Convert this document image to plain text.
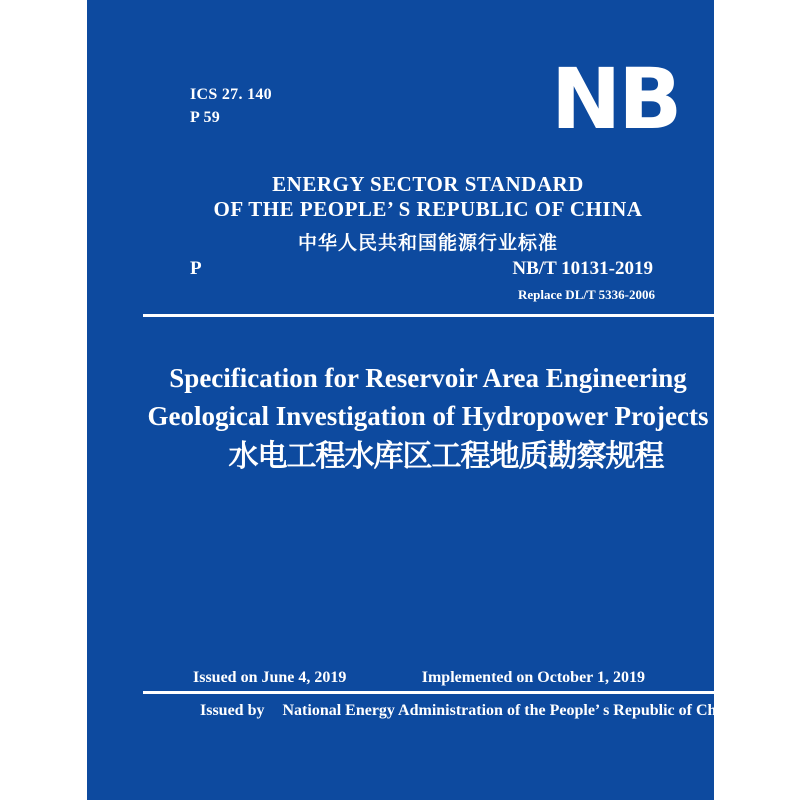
ICS 27. 140
P 59	NB
ENERGY SECTOR STANDARD
OF THE PEOPLE’ S REPUBLIC OF CHINA
中华人民共和国能源行业标准
P	NB/T 10131-2019
Replace DL/T 5336-2006
Specification for Reservoir Area Engineering
Geological Investigation of Hydropower Projects
水电工程水库区工程地质勘察规程
Issued on June 4, 2019	Implemented on October 1, 2019
Issued by National Energy Administration of the People’ s Republic of China
